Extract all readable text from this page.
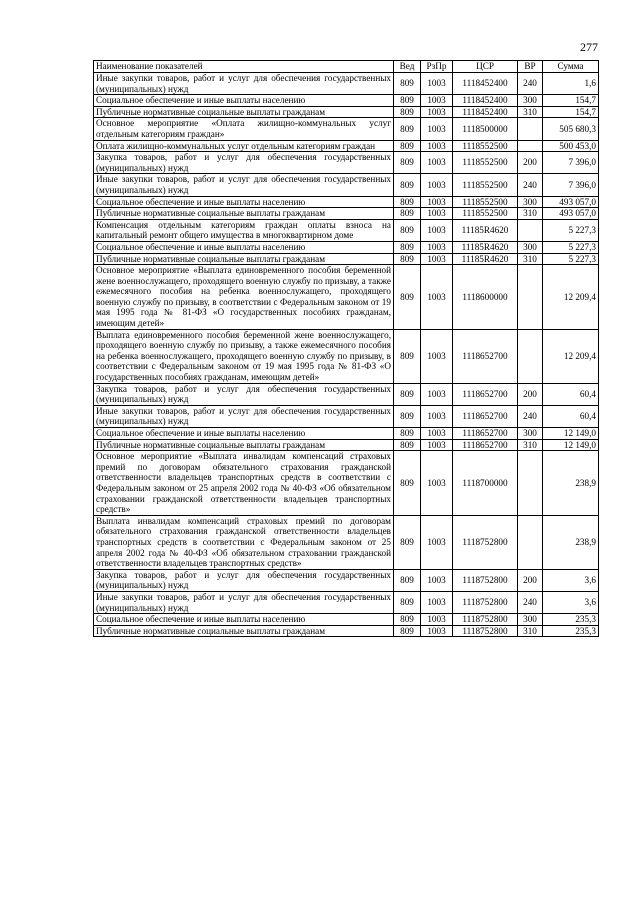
277
Наименование показателей	Вед	РзПр	ЦСР	ВР	Сумма
Иные закупки товаров, работ и услуг для обеспечения государственных (муниципальных) нужд	809	1003	1118452400	240	1,6
Социальное обеспечение и иные выплаты населению	809	1003	1118452400	300	154,7
Публичные нормативные социальные выплаты гражданам	809	1003	1118452400	310	154,7
Основное мероприятие «Оплата жилищно-коммунальных услуг отдельным категориям граждан»	809	1003	1118500000		505 680,3
Оплата жилищно-коммунальных услуг отдельным категориям граждан	809	1003	1118552500		500 453,0
Закупка товаров, работ и услуг для обеспечения государственных (муниципальных) нужд	809	1003	1118552500	200	7 396,0
Иные закупки товаров, работ и услуг для обеспечения государственных (муниципальных) нужд	809	1003	1118552500	240	7 396,0
Социальное обеспечение и иные выплаты населению	809	1003	1118552500	300	493 057,0
Публичные нормативные социальные выплаты гражданам	809	1003	1118552500	310	493 057,0
Компенсация отдельным категориям граждан оплаты взноса на капитальный ремонт общего имущества в многоквартирном доме	809	1003	11185R4620		5 227,3
Социальное обеспечение и иные выплаты населению	809	1003	11185R4620	300	5 227,3
Публичные нормативные социальные выплаты гражданам	809	1003	11185R4620	310	5 227,3
Основное мероприятие «Выплата единовременного пособия беременной жене военнослужащего, проходящего военную службу по призыву, а также ежемесячного пособия на ребенка военнослужащего, проходящего военную службу по призыву, в соответствии с Федеральным законом от 19 мая 1995 года № 81-ФЗ «О государственных пособиях гражданам, имеющим детей»	809	1003	1118600000		12 209,4
Выплата единовременного пособия беременной жене военнослужащего, проходящего военную службу по призыву, а также ежемесячного пособия на ребенка военнослужащего, проходящего военную службу по призыву, в соответствии с Федеральным законом от 19 мая 1995 года № 81-ФЗ «О государственных пособиях гражданам, имеющим детей»	809	1003	1118652700		12 209,4
Закупка товаров, работ и услуг для обеспечения государственных (муниципальных) нужд	809	1003	1118652700	200	60,4
Иные закупки товаров, работ и услуг для обеспечения государственных (муниципальных) нужд	809	1003	1118652700	240	60,4
Социальное обеспечение и иные выплаты населению	809	1003	1118652700	300	12 149,0
Публичные нормативные социальные выплаты гражданам	809	1003	1118652700	310	12 149,0
Основное мероприятие «Выплата инвалидам компенсаций страховых премий по договорам обязательного страхования гражданской ответственности владельцев транспортных средств в соответствии с Федеральным законом от 25 апреля 2002 года № 40-ФЗ «Об обязательном страховании гражданской ответственности владельцев транспортных средств»	809	1003	1118700000		238,9
Выплата инвалидам компенсаций страховых премий по договорам обязательного страхования гражданской ответственности владельцев транспортных средств в соответствии с Федеральным законом от 25 апреля 2002 года № 40-ФЗ «Об обязательном страховании гражданской ответственности владельцев транспортных средств»	809	1003	1118752800		238,9
Закупка товаров, работ и услуг для обеспечения государственных (муниципальных) нужд	809	1003	1118752800	200	3,6
Иные закупки товаров, работ и услуг для обеспечения государственных (муниципальных) нужд	809	1003	1118752800	240	3,6
Социальное обеспечение и иные выплаты населению	809	1003	1118752800	300	235,3
Публичные нормативные социальные выплаты гражданам	809	1003	1118752800	310	235,3
